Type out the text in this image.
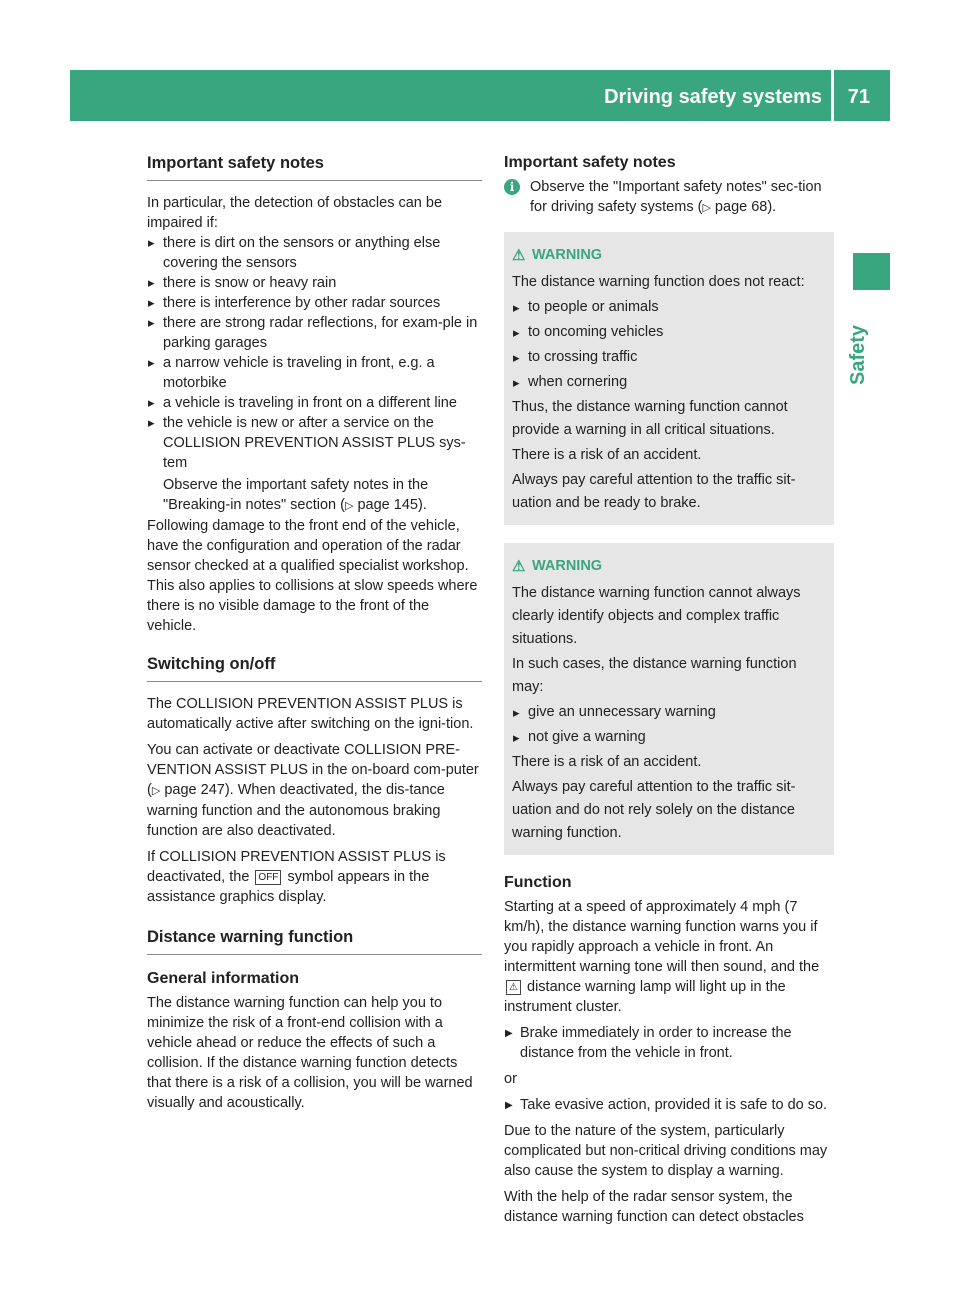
Driving safety systems 71
Safety
Important safety notes

In particular, the detection of obstacles can be impaired if:

▸ there is dirt on the sensors or anything else covering the sensors
▸ there is snow or heavy rain
▸ there is interference by other radar sources
▸ there are strong radar reflections, for exam-ple in parking garages
▸ a narrow vehicle is traveling in front, e.g. a motorbike
▸ a vehicle is traveling in front on a different line
▸ the vehicle is new or after a service on the COLLISION PREVENTION ASSIST PLUS sys-tem

Observe the important safety notes in the "Breaking-in notes" section (▷ page 145).

Following damage to the front end of the vehicle, have the configuration and operation of the radar sensor checked at a qualified specialist workshop. This also applies to collisions at slow speeds where there is no visible damage to the front of the vehicle.

Switching on/off

The COLLISION PREVENTION ASSIST PLUS is automatically active after switching on the igni-tion.

You can activate or deactivate COLLISION PRE-VENTION ASSIST PLUS in the on-board com-puter (▷ page 247). When deactivated, the dis-tance warning function and the autonomous braking function are also deactivated.

If COLLISION PREVENTION ASSIST PLUS is deactivated, the OFF symbol appears in the assistance graphics display.

Distance warning function
General information

The distance warning function can help you to minimize the risk of a front-end collision with a vehicle ahead or reduce the effects of such a collision. If the distance warning function detects that there is a risk of a collision, you will be warned visually and acoustically.

Important safety notes
i	Observe the "Important safety notes" sec-tion for driving safety systems (▷ page 68).
⚠ WARNING

The distance warning function does not react:

▸ to people or animals
▸ to oncoming vehicles
▸ to crossing traffic
▸ when cornering

Thus, the distance warning function cannot provide a warning in all critical situations.

There is a risk of an accident.

Always pay careful attention to the traffic sit-uation and be ready to brake.

⚠ WARNING

The distance warning function cannot always clearly identify objects and complex traffic situations.

In such cases, the distance warning function may:

▸ give an unnecessary warning
▸ not give a warning

There is a risk of an accident.

Always pay careful attention to the traffic sit-uation and do not rely solely on the distance warning function.

Function

Starting at a speed of approximately 4 mph (7 km/h), the distance warning function warns you if you rapidly approach a vehicle in front. An intermittent warning tone will then sound, and the ⚠ distance warning lamp will light up in the instrument cluster.

▶ Brake immediately in order to increase the distance from the vehicle in front.

or

▶ Take evasive action, provided it is safe to do so.

Due to the nature of the system, particularly complicated but non-critical driving conditions may also cause the system to display a warning.

With the help of the radar sensor system, the distance warning function can detect obstacles
